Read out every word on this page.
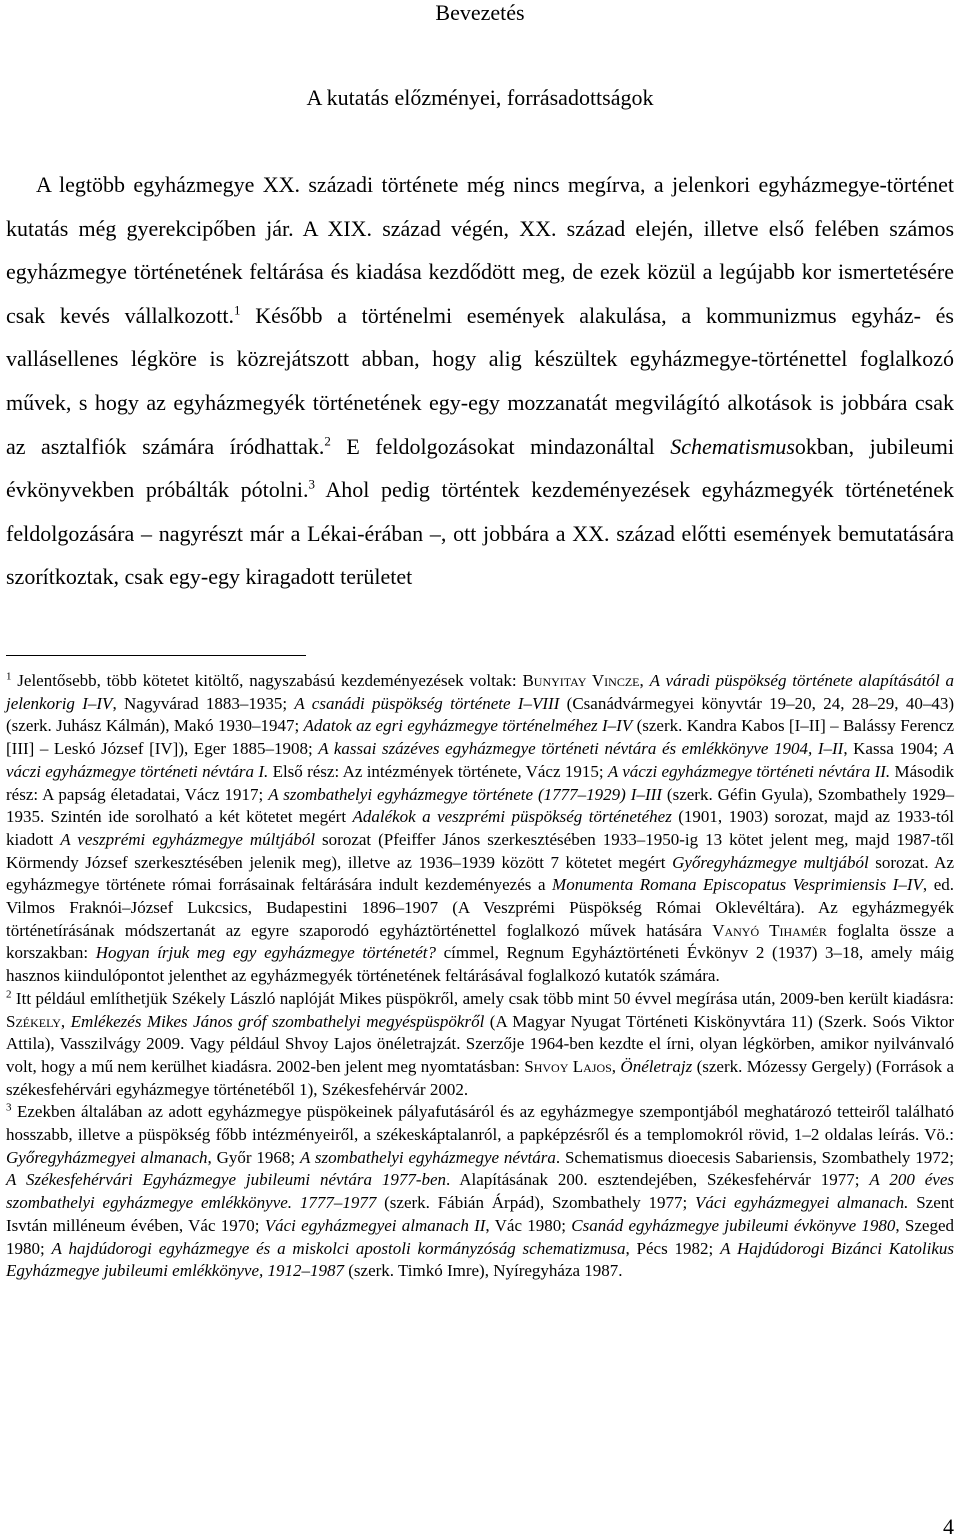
Bevezetés
A kutatás előzményei, forrásadottságok

A legtöbb egyházmegye XX. századi története még nincs megírva, a jelenkori egyházmegye-történet kutatás még gyerekcipőben jár. A XIX. század végén, XX. század elején, illetve első felében számos egyházmegye történetének feltárása és kiadása kezdődött meg, de ezek közül a legújabb kor ismertetésére csak kevés vállalkozott.$^1$ Később a történelmi események alakulása, a kommunizmus egyház- és vallásellenes légköre is közrejátszott abban, hogy alig készültek egyházmegye-történettel foglalkozó művek, s hogy az egyházmegyék történetének egy-egy mozzanatát megvilágító alkotások is jobbára csak az asztalfiók számára íródhattak.$^2$ E feldolgozásokat mindazonáltal Schematismusokban, jubileumi évkönyvekben próbálták pótolni.$^3$ Ahol pedig történtek kezdeményezések egyházmegyék történetének feldolgozására – nagyrészt már a Lékai-érában –, ott jobbára a XX. század előtti események bemutatására szorítkoztak, csak egy-egy kiragadott területet

$^1$ Jelentősebb, több kötetet kitöltő, nagyszabású kezdeményezések voltak: Bunyitay Vincze, A váradi püspökség története alapításától a jelenkorig I–IV, Nagyvárad 1883–1935; A csanádi püspökség története I–VIII (Csanádvármegyei könyvtár 19–20, 24, 28–29, 40–43) (szerk. Juhász Kálmán), Makó 1930–1947; Adatok az egri egyházmegye történelméhez I–IV (szerk. Kandra Kabos [I–II] – Balássy Ferencz [III] – Leskó József [IV]), Eger 1885–1908; A kassai százéves egyházmegye történeti névtára és emlékkönyve 1904, I–II, Kassa 1904; A váczi egyházmegye történeti névtára I. Első rész: Az intézmények története, Vácz 1915; A váczi egyházmegye történeti névtára II. Második rész: A papság életadatai, Vácz 1917; A szombathelyi egyházmegye története (1777–1929) I–III (szerk. Géfin Gyula), Szombathely 1929–1935. Szintén ide sorolható a két kötetet megért Adalékok a veszprémi püspökség történetéhez (1901, 1903) sorozat, majd az 1933-tól kiadott A veszprémi egyházmegye múltjából sorozat (Pfeiffer János szerkesztésében 1933–1950-ig 13 kötet jelent meg, majd 1987-től Körmendy József szerkesztésében jelenik meg), illetve az 1936–1939 között 7 kötetet megért Győregyházmegye multjából sorozat. Az egyházmegye története római forrásainak feltárására indult kezdeményezés a Monumenta Romana Episcopatus Vesprimiensis I–IV, ed. Vilmos Fraknói–József Lukcsics, Budapestini 1896–1907 (A Veszprémi Püspökség Római Oklevéltára). Az egyházmegyék történetírásának módszertanát az egyre szaporodó egyháztörténettel foglalkozó művek hatására Vanyó Tihamér foglalta össze a korszakban: Hogyan írjuk meg egy egyházmegye történetét? címmel, Regnum Egyháztörténeti Évkönyv 2 (1937) 3–18, amely máig hasznos kiindulópontot jelenthet az egyházmegyék történetének feltárásával foglalkozó kutatók számára.

$^2$ Itt például említhetjük Székely László naplóját Mikes püspökről, amely csak több mint 50 évvel megírása után, 2009-ben került kiadásra: Székely, Emlékezés Mikes János gróf szombathelyi megyéspüspökről (A Magyar Nyugat Történeti Kiskönyvtára 11) (Szerk. Soós Viktor Attila), Vasszilvágy 2009. Vagy például Shvoy Lajos önéletrajzát. Szerzője 1964-ben kezdte el írni, olyan légkörben, amikor nyilvánvaló volt, hogy a mű nem kerülhet kiadásra. 2002-ben jelent meg nyomtatásban: Shvoy Lajos, Önéletrajz (szerk. Mózessy Gergely) (Források a székesfehérvári egyházmegye történetéből 1), Székesfehérvár 2002.

$^3$ Ezekben általában az adott egyházmegye püspökeinek pályafutásáról és az egyházmegye szempontjából meghatározó tetteiről található hosszabb, illetve a püspökség főbb intézményeiről, a székeskáptalanról, a papképzésről és a templomokról rövid, 1–2 oldalas leírás. Vö.: Győregyházmegyei almanach, Győr 1968; A szombathelyi egyházmegye névtára. Schematismus dioecesis Sabariensis, Szombathely 1972; A Székesfehérvári Egyházmegye jubileumi névtára 1977-ben. Alapításának 200. esztendejében, Székesfehérvár 1977; A 200 éves szombathelyi egyházmegye emlékkönyve. 1777–1977 (szerk. Fábián Árpád), Szombathely 1977; Váci egyházmegyei almanach. Szent Isvtán milléneum évében, Vác 1970; Váci egyházmegyei almanach II, Vác 1980; Csanád egyházmegye jubileumi évkönyve 1980, Szeged 1980; A hajdúdorogi egyházmegye és a miskolci apostoli kormányzóság schematizmusa, Pécs 1982; A Hajdúdorogi Bizánci Katolikus Egyházmegye jubileumi emlékkönyve, 1912–1987 (szerk. Timkó Imre), Nyíregyháza 1987.

4
